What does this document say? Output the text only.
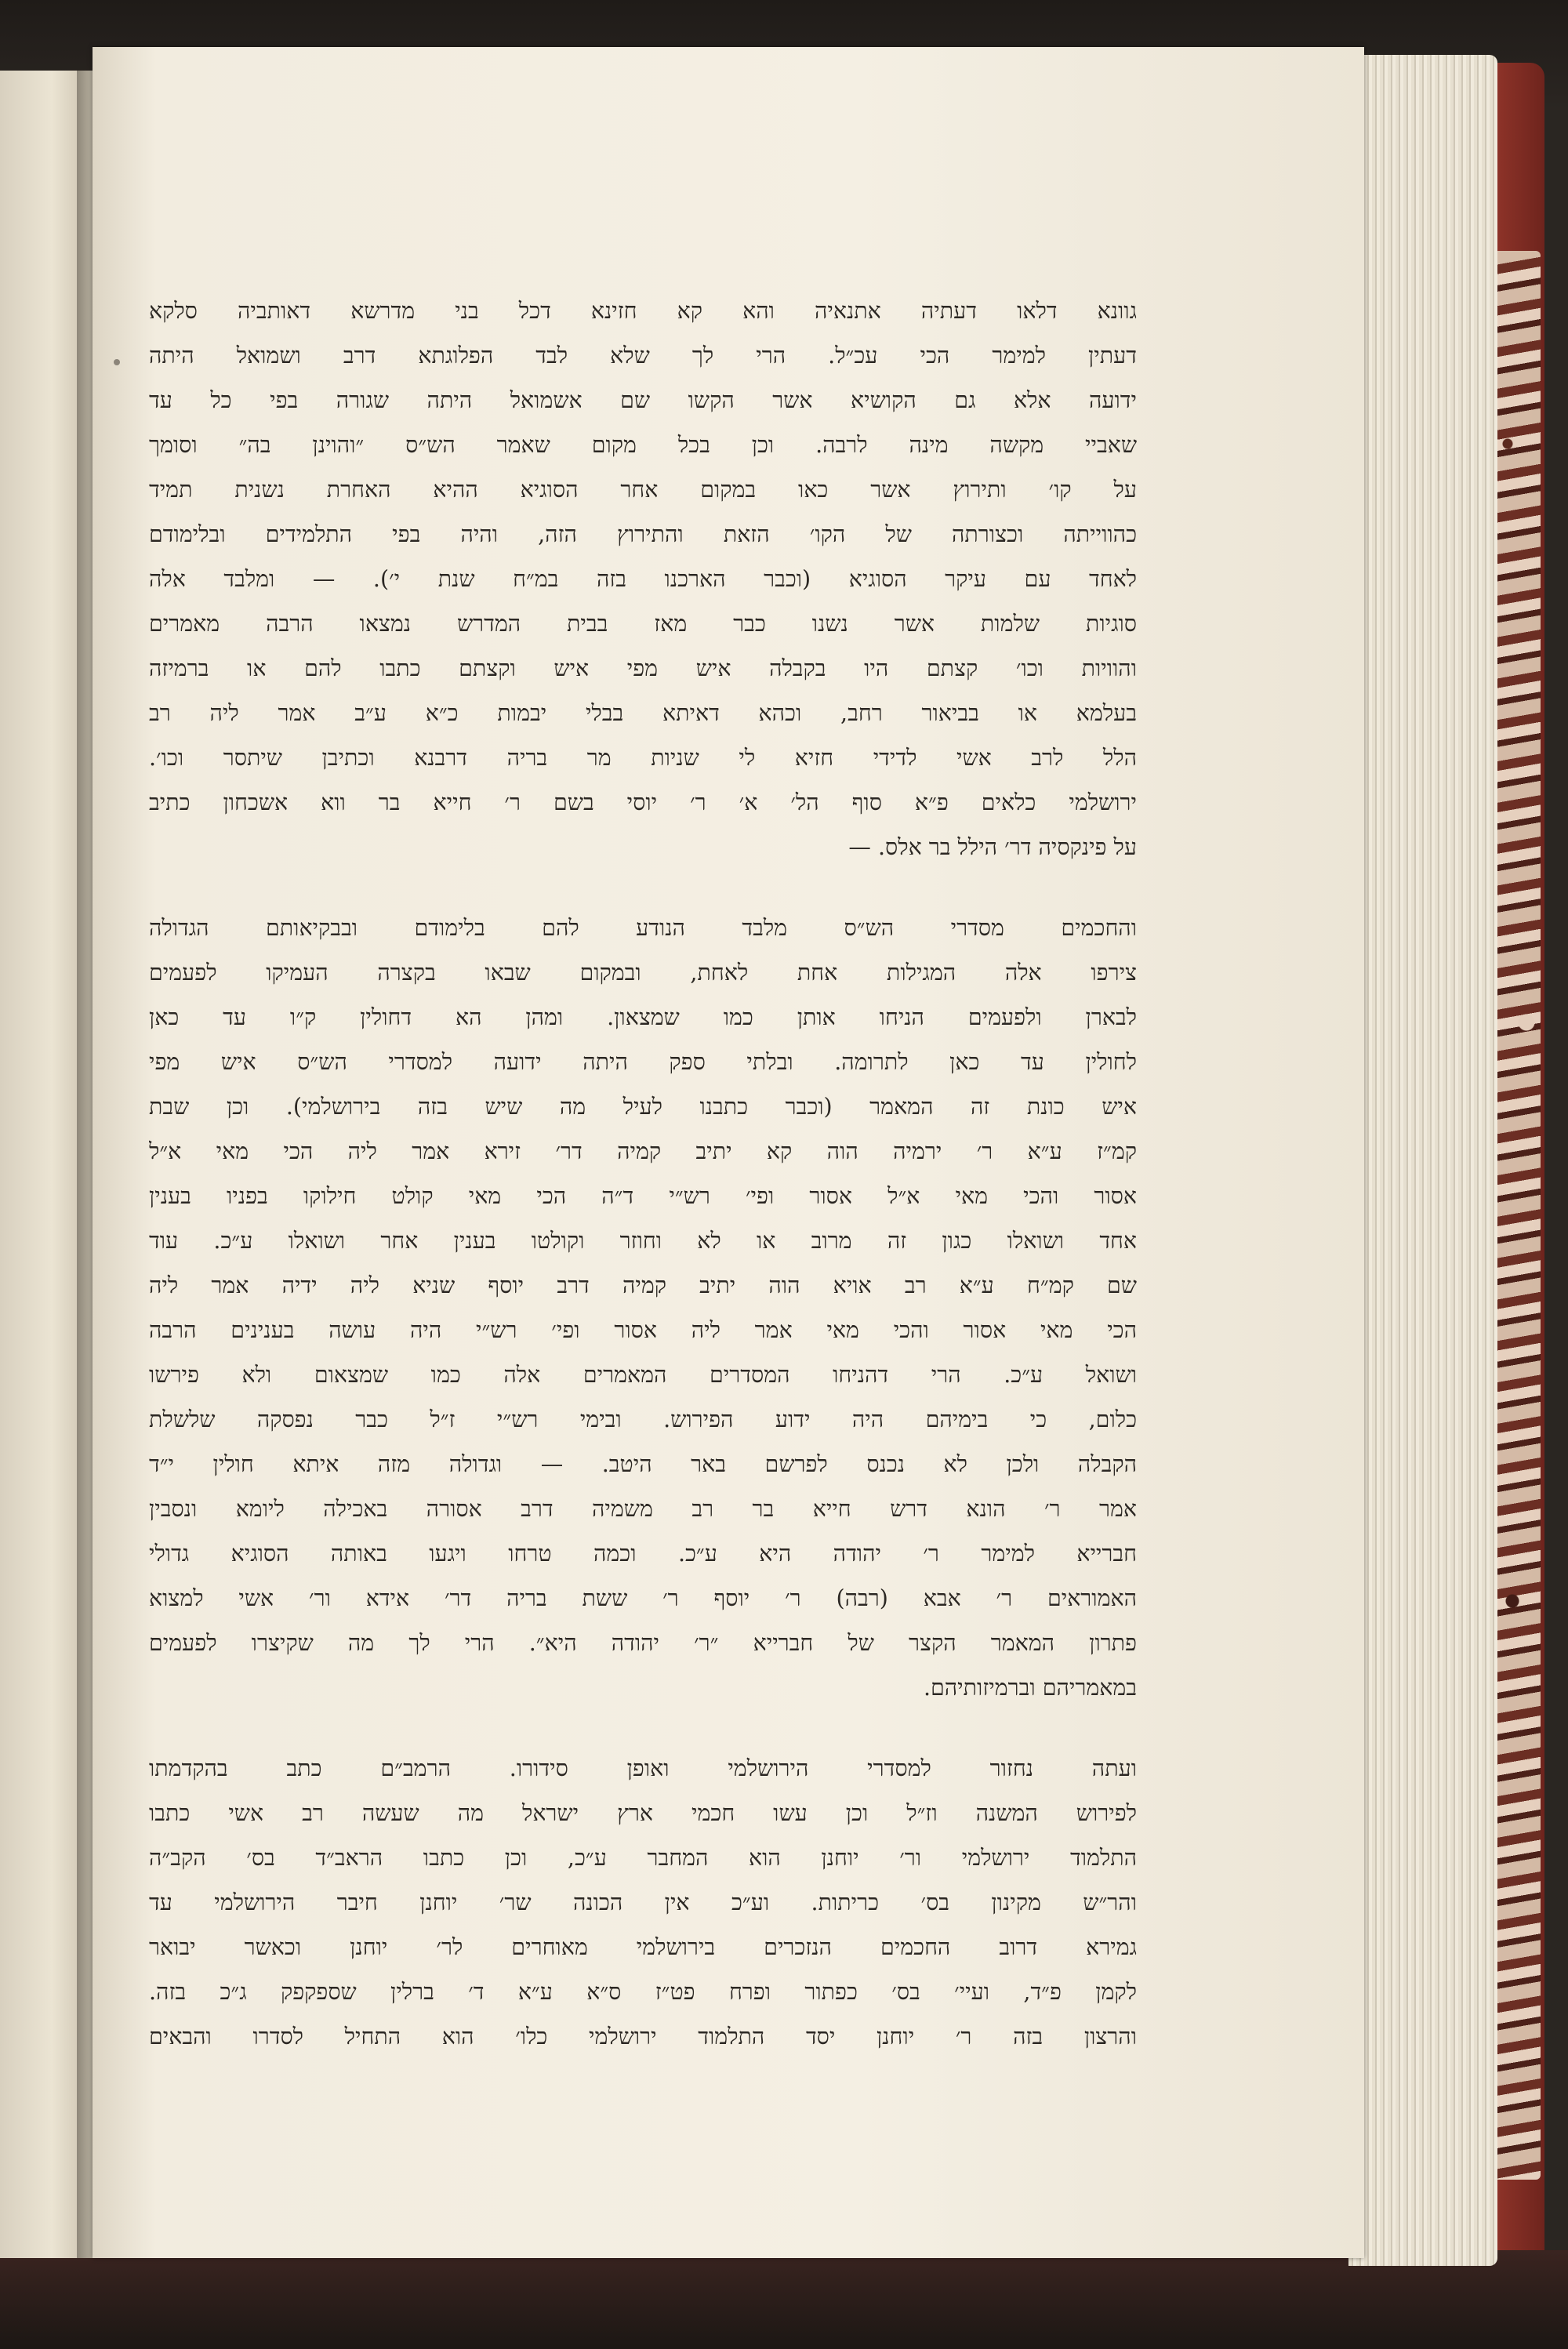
גוונא דלאו דעתיה אתנאיה והא קא חזינא דכל בני מדרשא דאותביה סלקא
דעתין למימר הכי עכ״ל. הרי לך שלא לבד הפלוגתא דרב ושמואל היתה
ידועה אלא גם הקושיא אשר הקשו שם אשמואל היתה שגורה בפי כל עד
שאביי מקשה מינה לרבה. וכן בכל מקום שאמר הש״ס ״והוינן בה״ וסומך
על קו׳ ותירוץ אשר כאו במקום אחר הסוגיא ההיא האחרת נשנית תמיד
כהווייתה וכצורתה של הקו׳ הזאת והתירוץ הזה, והיה בפי התלמידים ובלימודם
לאחד עם עיקר הסוגיא (וכבר הארכנו בזה במ״ח שנת י׳). — ומלבד אלה
סוגיות שלמות אשר נשנו כבר מאז בבית המדרש נמצאו הרבה מאמרים
והוויות וכו׳ קצתם היו בקבלה איש מפי איש וקצתם כתבו להם או ברמיזה
בעלמא או בביאור רחב, וכהא דאיתא בבלי יבמות כ״א ע״ב אמר ליה רב
הלל לרב אשי לדידי חזיא לי שניות מר בריה דרבנא וכתיבן שיתסר וכו׳.
ירושלמי כלאים פ״א סוף הל׳ א׳ ר׳ יוסי בשם ר׳ חייא בר ווא אשכחון כתיב
על פינקסיה דר׳ הילל בר אלס. —
והחכמים מסדרי הש״ס מלבד הנודע להם בלימודם ובבקיאותם הגדולה
צירפו אלה המגילות אחת לאחת, ובמקום שבאו בקצרה העמיקו לפעמים
לבארן ולפעמים הניחו אותן כמו שמצאון. ומהן הא דחולין ק״ו עד כאן
לחולין עד כאן לתרומה. ובלתי ספק היתה ידועה למסדרי הש״ס איש מפי
איש כונת זה המאמר (וכבר כתבנו לעיל מה שיש בזה בירושלמי). וכן שבת
קמ״ז ע״א ר׳ ירמיה הוה קא יתיב קמיה דר׳ זירא אמר ליה הכי מאי א״ל
אסור והכי מאי א״ל אסור ופי׳ רש״י ד״ה הכי מאי קולט חילוקו בפניו בענין
אחד ושואלו כגון זה מרוב או לא וחוזר וקולטו בענין אחר ושואלו ע״כ. עוד
שם קמ״ח ע״א רב אויא הוה יתיב קמיה דרב יוסף שניא ליה ידיה אמר ליה
הכי מאי אסור והכי מאי אמר ליה אסור ופי׳ רש״י היה עושה בענינים הרבה
ושואל ע״כ. הרי דהניחו המסדרים המאמרים אלה כמו שמצאום ולא פירשו
כלום, כי בימיהם היה ידוע הפירוש. ובימי רש״י ז״ל כבר נפסקה שלשלת
הקבלה ולכן לא נכנס לפרשם באר היטב. — וגדולה מזה איתא חולין י״ד
אמר ר׳ הונא דרש חייא בר רב משמיה דרב אסורה באכילה ליומא ונסבין
חברייא למימר ר׳ יהודה היא ע״כ. וכמה טרחו ויגעו באותה הסוגיא גדולי
האמוראים ר׳ אבא (רבה) ר׳ יוסף ר׳ ששת בריה דר׳ אידא ור׳ אשי למצוא
פתרון המאמר הקצר של חברייא ״ר׳ יהודה היא״. הרי לך מה שקיצרו לפעמים
במאמריהם וברמיזותיהם.
ועתה נחזור למסדרי הירושלמי ואופן סידורו. הרמב״ם כתב בהקדמתו
לפירוש המשנה וז״ל וכן עשו חכמי ארץ ישראל מה שעשה רב אשי כתבו
התלמוד ירושלמי ור׳ יוחנן הוא המחבר ע״כ, וכן כתבו הראב״ד בס׳ הקב״ה
והר״ש מקינון בס׳ כריתות. וע״כ אין הכונה שר׳ יוחנן חיבר הירושלמי עד
גמירא דרוב החכמים הנזכרים בירושלמי מאוחרים לר׳ יוחנן וכאשר יבואר
לקמן פ״ד, ועיי׳ בס׳ כפתור ופרח פט״ז ס״א ע״א ד׳ ברלין שספקפק ג״כ בזה.
והרצון בזה ר׳ יוחנן יסד התלמוד ירושלמי כלו׳ הוא התחיל לסדרו והבאים
